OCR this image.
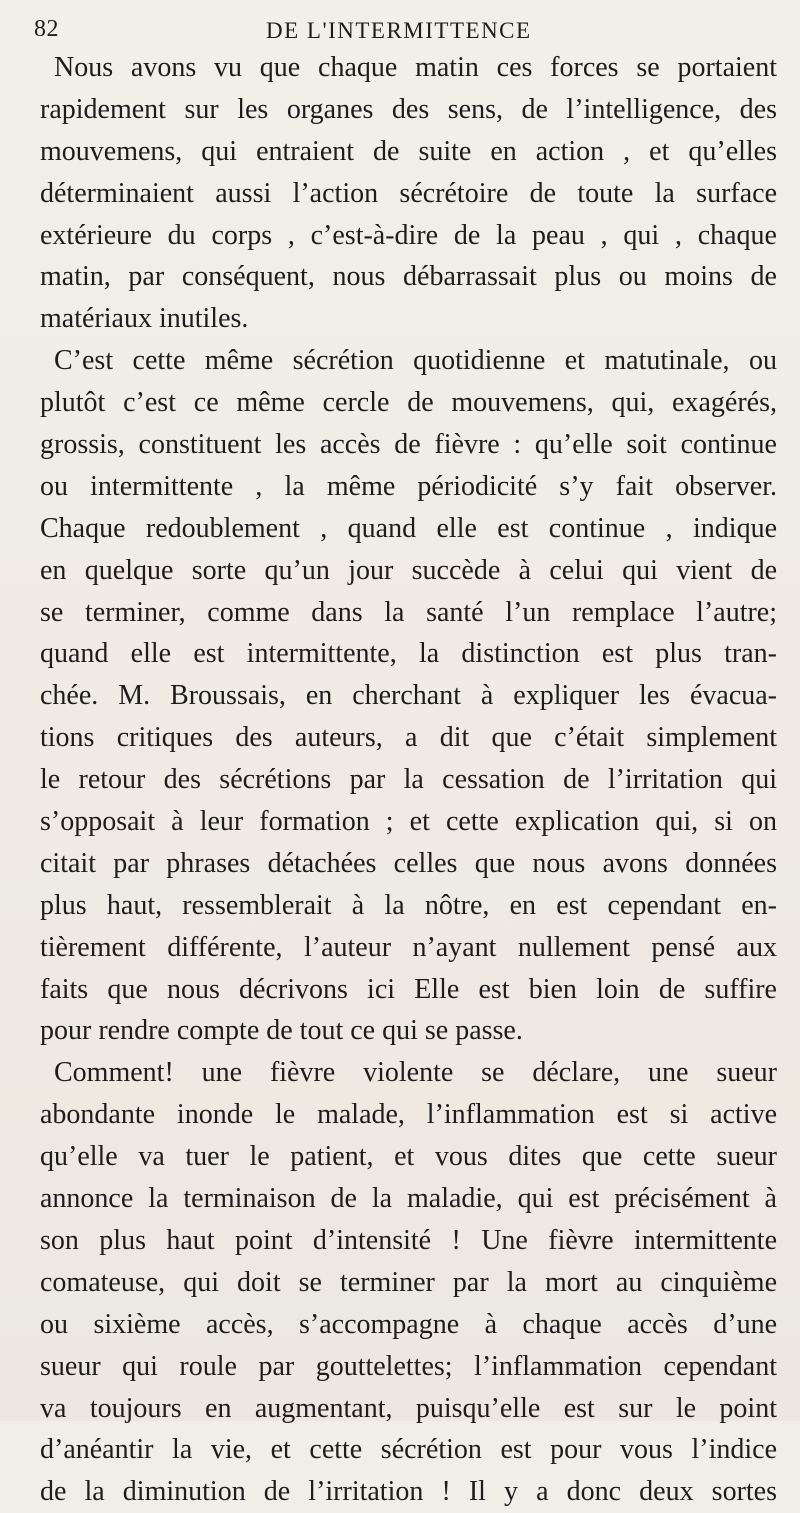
82	DE L'INTERMITTENCE
Nous avons vu que chaque matin ces forces se portaient
rapidement sur les organes des sens, de l’intelligence, des
mouvemens, qui entraient de suite en action , et qu’elles
déterminaient aussi l’action sécrétoire de toute la surface
extérieure du corps , c’est-à-dire de la peau , qui , chaque
matin, par conséquent, nous débarrassait plus ou moins de
matériaux inutiles.
C’est cette même sécrétion quotidienne et matutinale, ou
plutôt c’est ce même cercle de mouvemens, qui, exagérés,
grossis, constituent les accès de fièvre : qu’elle soit continue
ou intermittente , la même périodicité s’y fait observer.
Chaque redoublement , quand elle est continue , indique
en quelque sorte qu’un jour succède à celui qui vient de
se terminer, comme dans la santé l’un remplace l’autre;
quand elle est intermittente, la distinction est plus tran-
chée. M. Broussais, en cherchant à expliquer les évacua-
tions critiques des auteurs, a dit que c’était simplement
le retour des sécrétions par la cessation de l’irritation qui
s’opposait à leur formation ; et cette explication qui, si on
citait par phrases détachées celles que nous avons données
plus haut, ressemblerait à la nôtre, en est cependant en-
tièrement différente, l’auteur n’ayant nullement pensé aux
faits que nous décrivons ici Elle est bien loin de suffire
pour rendre compte de tout ce qui se passe.
Comment! une fièvre violente se déclare, une sueur
abondante inonde le malade, l’inflammation est si active
qu’elle va tuer le patient, et vous dites que cette sueur
annonce la terminaison de la maladie, qui est précisément à
son plus haut point d’intensité ! Une fièvre intermittente
comateuse, qui doit se terminer par la mort au cinquième
ou sixième accès, s’accompagne à chaque accès d’une
sueur qui roule par gouttelettes; l’inflammation cependant
va toujours en augmentant, puisqu’elle est sur le point
d’anéantir la vie, et cette sécrétion est pour vous l’indice
de la diminution de l’irritation ! Il y a donc deux sortes
